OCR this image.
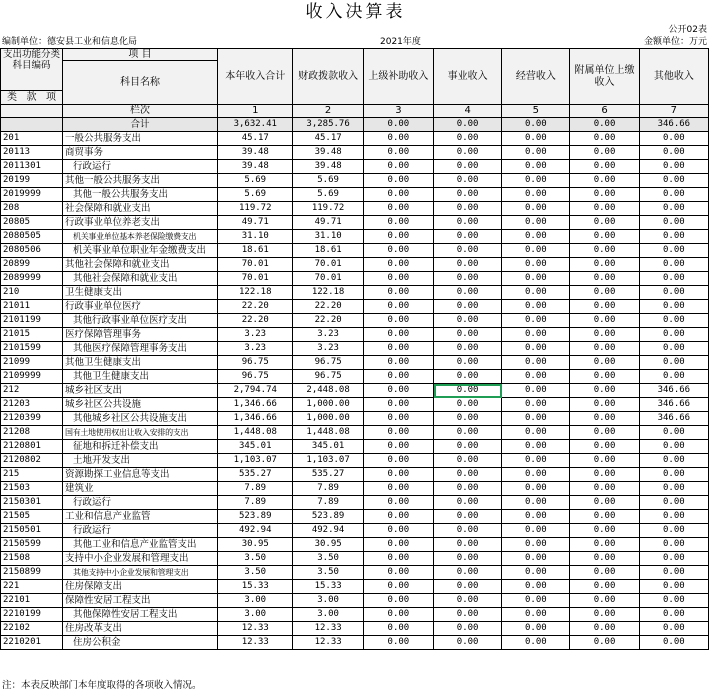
收入决算表
公开02表
编制单位：德安县工业和信息化局	2021年度	金额单位：万元
支出功能分类科目编码	项 目	本年收入合计	财政拨款收入	上级补助收入	事业收入	经营收入	附属单位上缴收入	其他收入
	科目名称							
类 款 项								
	栏次	1	2	3	4	5	6	7
	合计	3,632.41	3,285.76	0.00	0.00	0.00	0.00	346.66
201	一般公共服务支出	45.17	45.17	0.00	0.00	0.00	0.00	0.00
20113	商贸事务	39.48	39.48	0.00	0.00	0.00	0.00	0.00
2011301	行政运行	39.48	39.48	0.00	0.00	0.00	0.00	0.00
20199	其他一般公共服务支出	5.69	5.69	0.00	0.00	0.00	0.00	0.00
2019999	其他一般公共服务支出	5.69	5.69	0.00	0.00	0.00	0.00	0.00
208	社会保障和就业支出	119.72	119.72	0.00	0.00	0.00	0.00	0.00
20805	行政事业单位养老支出	49.71	49.71	0.00	0.00	0.00	0.00	0.00
2080505	机关事业单位基本养老保险缴费支出	31.10	31.10	0.00	0.00	0.00	0.00	0.00
2080506	机关事业单位职业年金缴费支出	18.61	18.61	0.00	0.00	0.00	0.00	0.00
20899	其他社会保障和就业支出	70.01	70.01	0.00	0.00	0.00	0.00	0.00
2089999	其他社会保障和就业支出	70.01	70.01	0.00	0.00	0.00	0.00	0.00
210	卫生健康支出	122.18	122.18	0.00	0.00	0.00	0.00	0.00
21011	行政事业单位医疗	22.20	22.20	0.00	0.00	0.00	0.00	0.00
2101199	其他行政事业单位医疗支出	22.20	22.20	0.00	0.00	0.00	0.00	0.00
21015	医疗保障管理事务	3.23	3.23	0.00	0.00	0.00	0.00	0.00
2101599	其他医疗保障管理事务支出	3.23	3.23	0.00	0.00	0.00	0.00	0.00
21099	其他卫生健康支出	96.75	96.75	0.00	0.00	0.00	0.00	0.00
2109999	其他卫生健康支出	96.75	96.75	0.00	0.00	0.00	0.00	0.00
212	城乡社区支出	2,794.74	2,448.08	0.00	0.00	0.00	0.00	346.66
21203	城乡社区公共设施	1,346.66	1,000.00	0.00	0.00	0.00	0.00	346.66
2120399	其他城乡社区公共设施支出	1,346.66	1,000.00	0.00	0.00	0.00	0.00	346.66
21208	国有土地使用权出让收入安排的支出	1,448.08	1,448.08	0.00	0.00	0.00	0.00	0.00
2120801	征地和拆迁补偿支出	345.01	345.01	0.00	0.00	0.00	0.00	0.00
2120802	土地开发支出	1,103.07	1,103.07	0.00	0.00	0.00	0.00	0.00
215	资源勘探工业信息等支出	535.27	535.27	0.00	0.00	0.00	0.00	0.00
21503	建筑业	7.89	7.89	0.00	0.00	0.00	0.00	0.00
2150301	行政运行	7.89	7.89	0.00	0.00	0.00	0.00	0.00
21505	工业和信息产业监管	523.89	523.89	0.00	0.00	0.00	0.00	0.00
2150501	行政运行	492.94	492.94	0.00	0.00	0.00	0.00	0.00
2150599	其他工业和信息产业监管支出	30.95	30.95	0.00	0.00	0.00	0.00	0.00
21508	支持中小企业发展和管理支出	3.50	3.50	0.00	0.00	0.00	0.00	0.00
2150899	其他支持中小企业发展和管理支出	3.50	3.50	0.00	0.00	0.00	0.00	0.00
221	住房保障支出	15.33	15.33	0.00	0.00	0.00	0.00	0.00
22101	保障性安居工程支出	3.00	3.00	0.00	0.00	0.00	0.00	0.00
2210199	其他保障性安居工程支出	3.00	3.00	0.00	0.00	0.00	0.00	0.00
22102	住房改革支出	12.33	12.33	0.00	0.00	0.00	0.00	0.00
2210201	住房公积金	12.33	12.33	0.00	0.00	0.00	0.00	0.00
注：本表反映部门本年度取得的各项收入情况。
